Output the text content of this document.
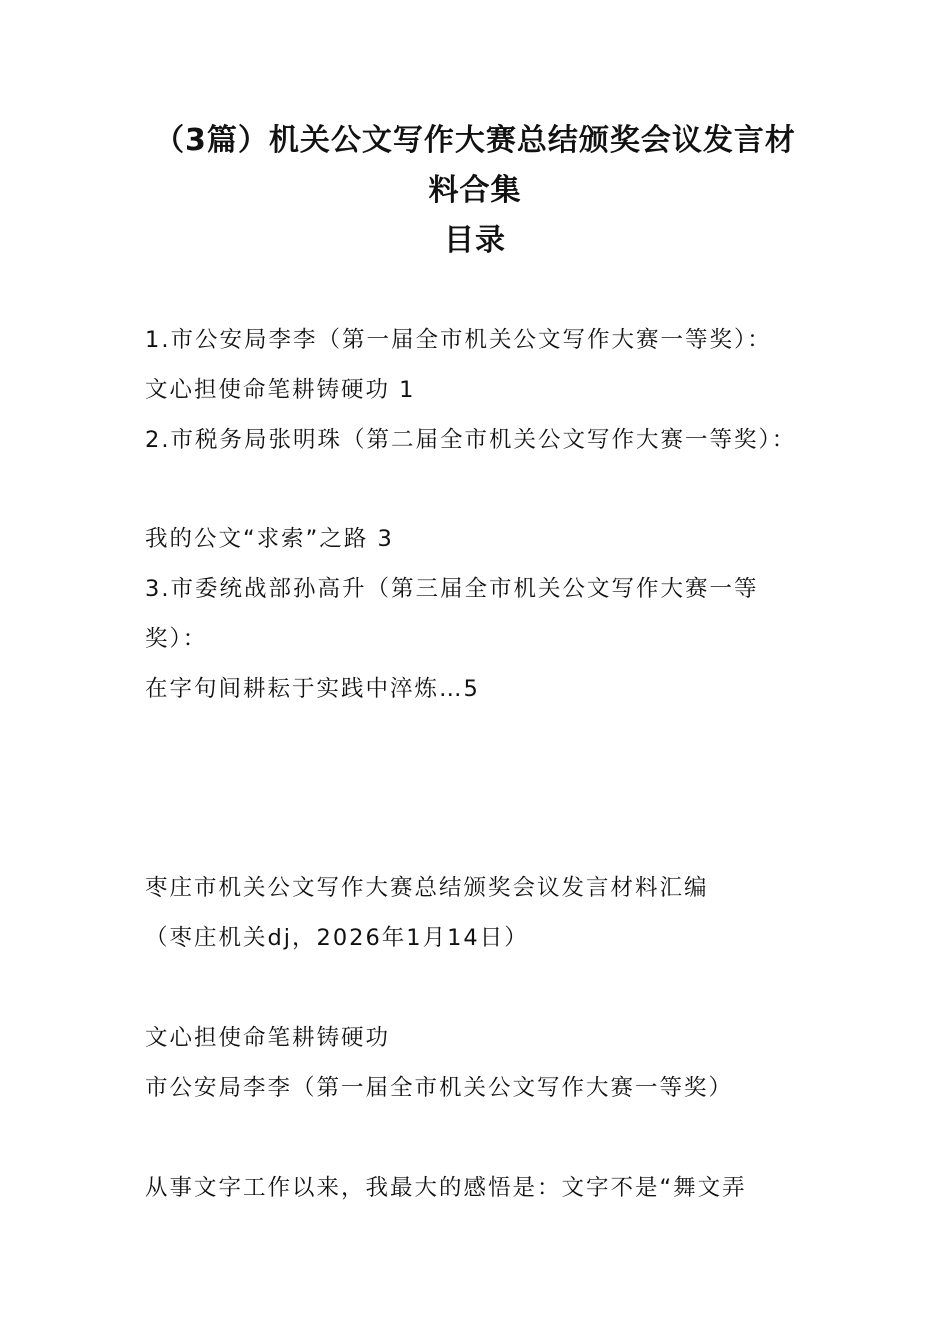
（3篇）机关公文写作大赛总结颁奖会议发言材
料合集
目录
1.市公安局李李（第一届全市机关公文写作大赛一等奖）：
文心担使命笔耕铸硬功 1
2.市税务局张明珠（第二届全市机关公文写作大赛一等奖）：
我的公文“求索”之路 3
3.市委统战部孙高升（第三届全市机关公文写作大赛一等
奖）：
在字句间耕耘于实践中淬炼…5
枣庄市机关公文写作大赛总结颁奖会议发言材料汇编
（枣庄机关dj，2026年1月14日）
文心担使命笔耕铸硬功
市公安局李李（第一届全市机关公文写作大赛一等奖）
从事文字工作以来，我最大的感悟是：文字不是“舞文弄
